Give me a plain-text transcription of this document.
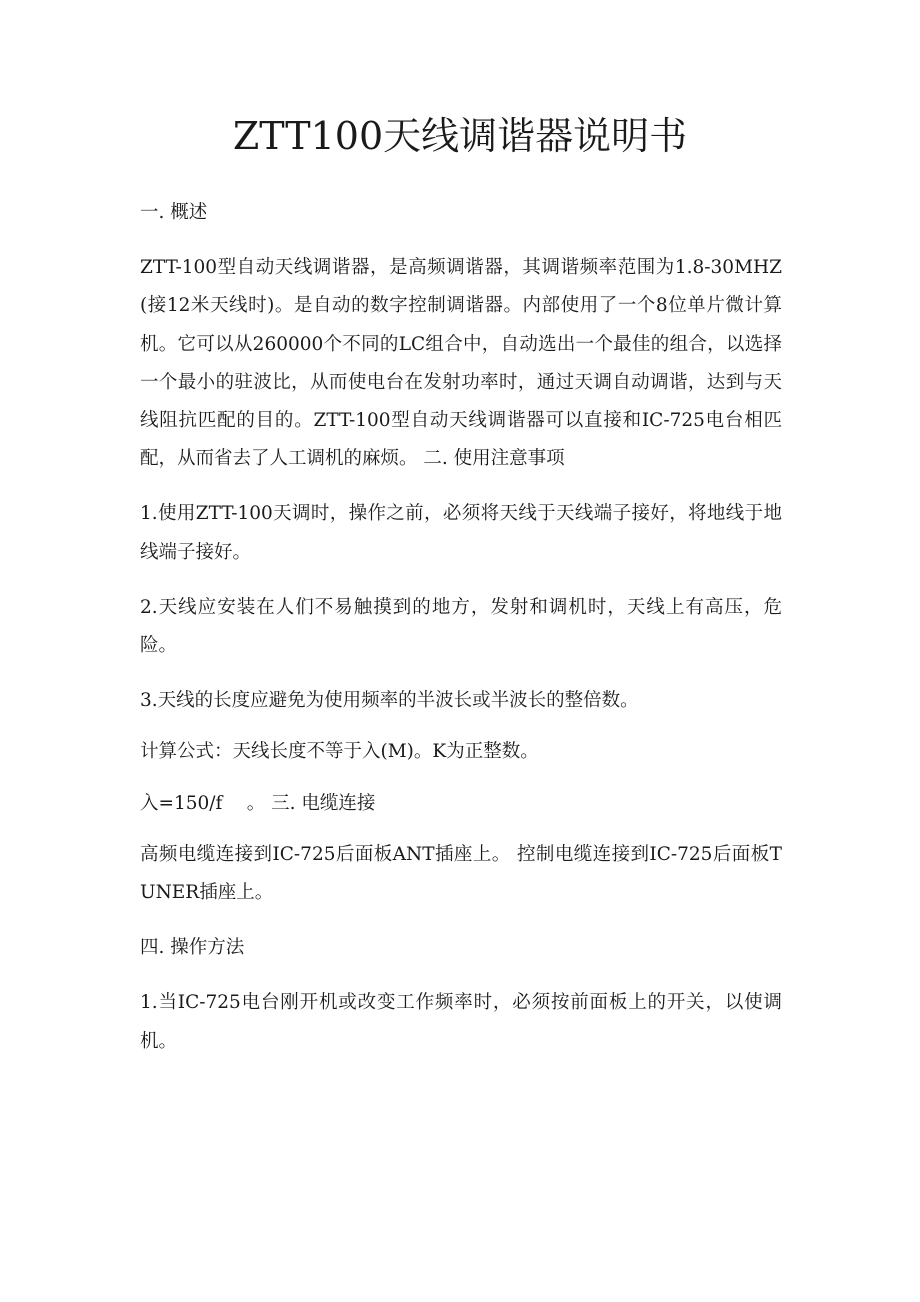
ZTT100天线调谐器说明书

一. 概述

ZTT-100型自动天线调谐器，是高频调谐器，其调谐频率范围为1.8-30MHZ(接12米天线时)。是自动的数字控制调谐器。内部使用了一个8位单片微计算机。它可以从260000个不同的LC组合中，自动选出一个最佳的组合，以选择一个最小的驻波比，从而使电台在发射功率时，通过天调自动调谐，达到与天线阻抗匹配的目的。ZTT-100型自动天线调谐器可以直接和IC-725电台相匹配，从而省去了人工调机的麻烦。 二. 使用注意事项

1.使用ZTT-100天调时，操作之前，必须将天线于天线端子接好，将地线于地线端子接好。

2.天线应安装在人们不易触摸到的地方，发射和调机时，天线上有高压，危险。

3.天线的长度应避免为使用频率的半波长或半波长的整倍数。

计算公式：天线长度不等于入(M)。K为正整数。

入=150/f　 。 三. 电缆连接

高频电缆连接到IC-725后面板ANT插座上。 控制电缆连接到IC-725后面板TUNER插座上。

四. 操作方法

1.当IC-725电台刚开机或改变工作频率时，必须按前面板上的开关，以使调机。
